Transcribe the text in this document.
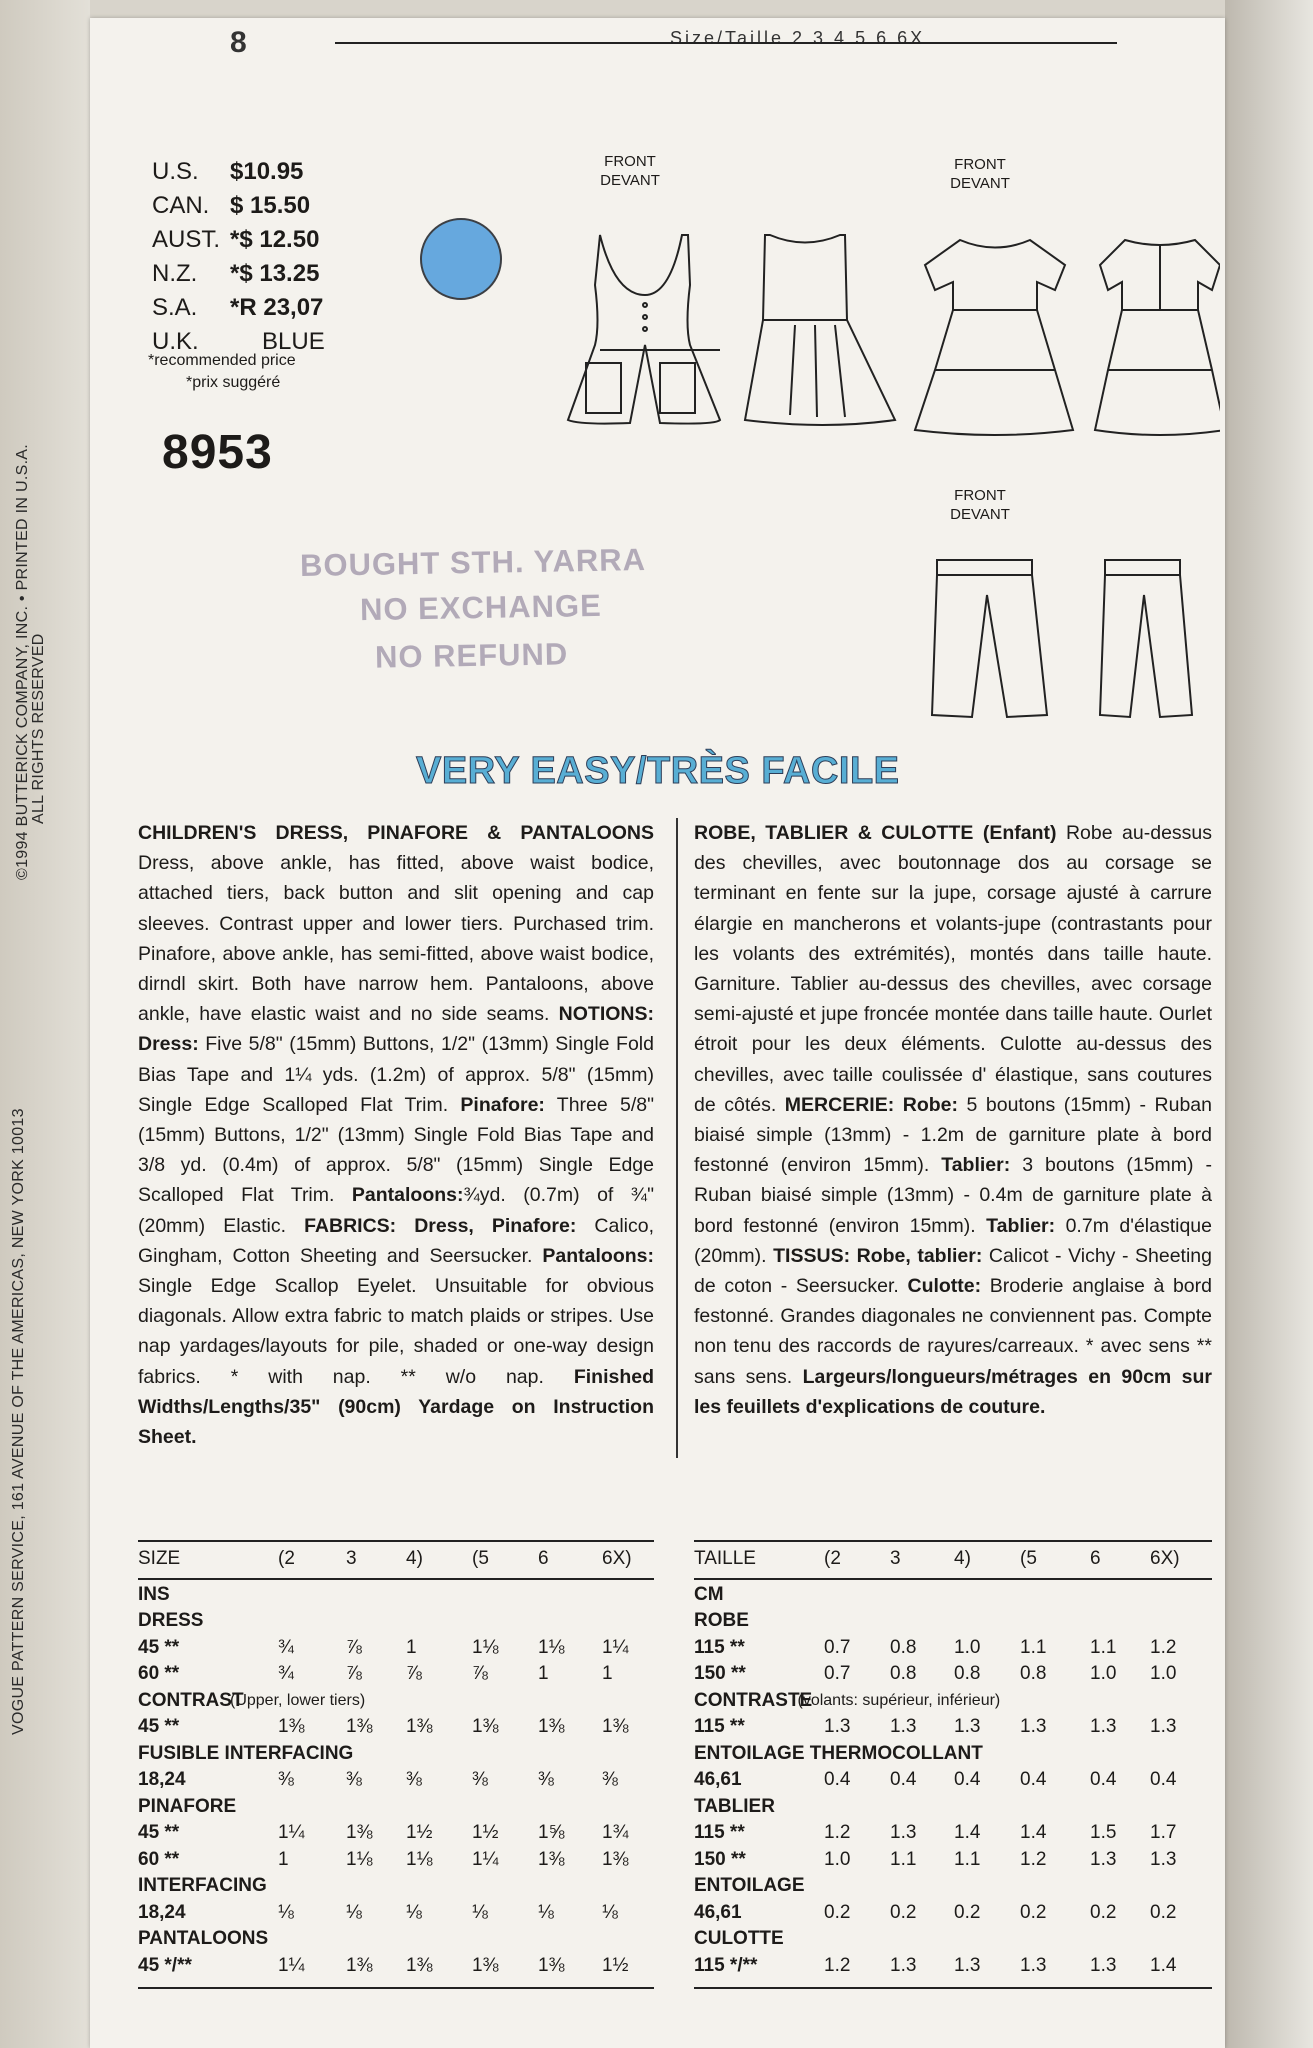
VOGUE PATTERN SERVICE, 161 AVENUE OF THE AMERICAS, NEW YORK 10013
©1994 BUTTERICK COMPANY, INC. • PRINTED IN U.S.A. ALL RIGHTS RESERVED
8	Size/Taille 2 3 4 5 6 6X
U.S.	$10.95
CAN. $ 15.50
AUST. *$ 12.50
N.Z.	*$ 13.25
S.A.	*R 23,07
U.K.	BLUE
*recommended price
*prix suggéré
8953
FRONT
DEVANT
FRONT
DEVANT
FRONT
DEVANT
BOUGHT STH. YARRA
NO EXCHANGE
NO REFUND
VERY EASY/TRÈS FACILE

CHILDREN'S DRESS, PINAFORE & PANTALOONS Dress, above ankle, has fitted, above waist bodice, attached tiers, back button and slit opening and cap sleeves. Contrast upper and lower tiers. Purchased trim. Pinafore, above ankle, has semi-fitted, above waist bodice, dirndl skirt. Both have narrow hem. Pantaloons, above ankle, have elastic waist and no side seams. NOTIONS: Dress: Five 5/8" (15mm) Buttons, 1/2" (13mm) Single Fold Bias Tape and 1¼ yds. (1.2m) of approx. 5/8" (15mm) Single Edge Scalloped Flat Trim. Pinafore: Three 5/8" (15mm) Buttons, 1/2" (13mm) Single Fold Bias Tape and 3/8 yd. (0.4m) of approx. 5/8" (15mm) Single Edge Scalloped Flat Trim. Pantaloons:¾yd. (0.7m) of ¾" (20mm) Elastic. FABRICS: Dress, Pinafore: Calico, Gingham, Cotton Sheeting and Seersucker. Pantaloons: Single Edge Scallop Eyelet. Unsuitable for obvious diagonals. Allow extra fabric to match plaids or stripes. Use nap yardages/layouts for pile, shaded or one-way design fabrics. * with nap. ** w/o nap. Finished Widths/Lengths/35" (90cm) Yardage on Instruction Sheet.

ROBE, TABLIER & CULOTTE (Enfant) Robe au-dessus des chevilles, avec boutonnage dos au corsage se terminant en fente sur la jupe, corsage ajusté à carrure élargie en mancherons et volants-jupe (contrastants pour les volants des extrémités), montés dans taille haute. Garniture. Tablier au-dessus des chevilles, avec corsage semi-ajusté et jupe froncée montée dans taille haute. Ourlet étroit pour les deux éléments. Culotte au-dessus des chevilles, avec taille coulissée d' élastique, sans coutures de côtés. MERCERIE: Robe: 5 boutons (15mm) - Ruban biaisé simple (13mm) - 1.2m de garniture plate à bord festonné (environ 15mm). Tablier: 3 boutons (15mm) - Ruban biaisé simple (13mm) - 0.4m de garniture plate à bord festonné (environ 15mm). Tablier: 0.7m d'élastique (20mm). TISSUS: Robe, tablier: Calicot - Vichy - Sheeting de coton - Seersucker. Culotte: Broderie anglaise à bord festonné. Grandes diagonales ne conviennent pas. Compte non tenu des raccords de rayures/carreaux. * avec sens ** sans sens. Largeurs/longueurs/métrages en 90cm sur les feuillets d'explications de couture.

SIZE	(2	3	4)	(5	6	6X)
INS
DRESS
45 **	¾	⅞ 1	1⅛ 1⅛ 1¼
60 **	¾	⅞ ⅞	⅞	1	1
CONTRAST
(Upper, lower tiers)
45 **	1⅜ 1⅜ 1⅜ 1⅜ 1⅜ 1⅜
FUSIBLE INTERFACING
18,24	⅜	⅜ ⅜	⅜	⅜	⅜
PINAFORE
45 **	1¼ 1⅜ 1½ 1½ 1⅝ 1¾
60 **	1	1⅛ 1⅛ 1¼ 1⅜ 1⅜
INTERFACING
18,24	⅛	⅛ ⅛	⅛	⅛	⅛
PANTALOONS
45 */**	1¼ 1⅜ 1⅜ 1⅜ 1⅜ 1½
TAILLE	(2	3	4)	(5	6	6X)
CM
ROBE
115 **	0.7 0.8 1.0 1.1 1.1 1.2
150 **	0.7 0.8 0.8 0.8 1.0 1.0
CONTRASTE
(volants: supérieur, inférieur)
115 **	1.3 1.3 1.3 1.3 1.3 1.3
ENTOILAGE THERMOCOLLANT
46,61	0.4 0.4 0.4 0.4 0.4 0.4
TABLIER
115 **	1.2 1.3 1.4 1.4 1.5 1.7
150 **	1.0 1.1 1.1 1.2 1.3 1.3
ENTOILAGE
46,61	0.2 0.2 0.2 0.2 0.2 0.2
CULOTTE
115 */**	1.2 1.3 1.3 1.3 1.3 1.4
